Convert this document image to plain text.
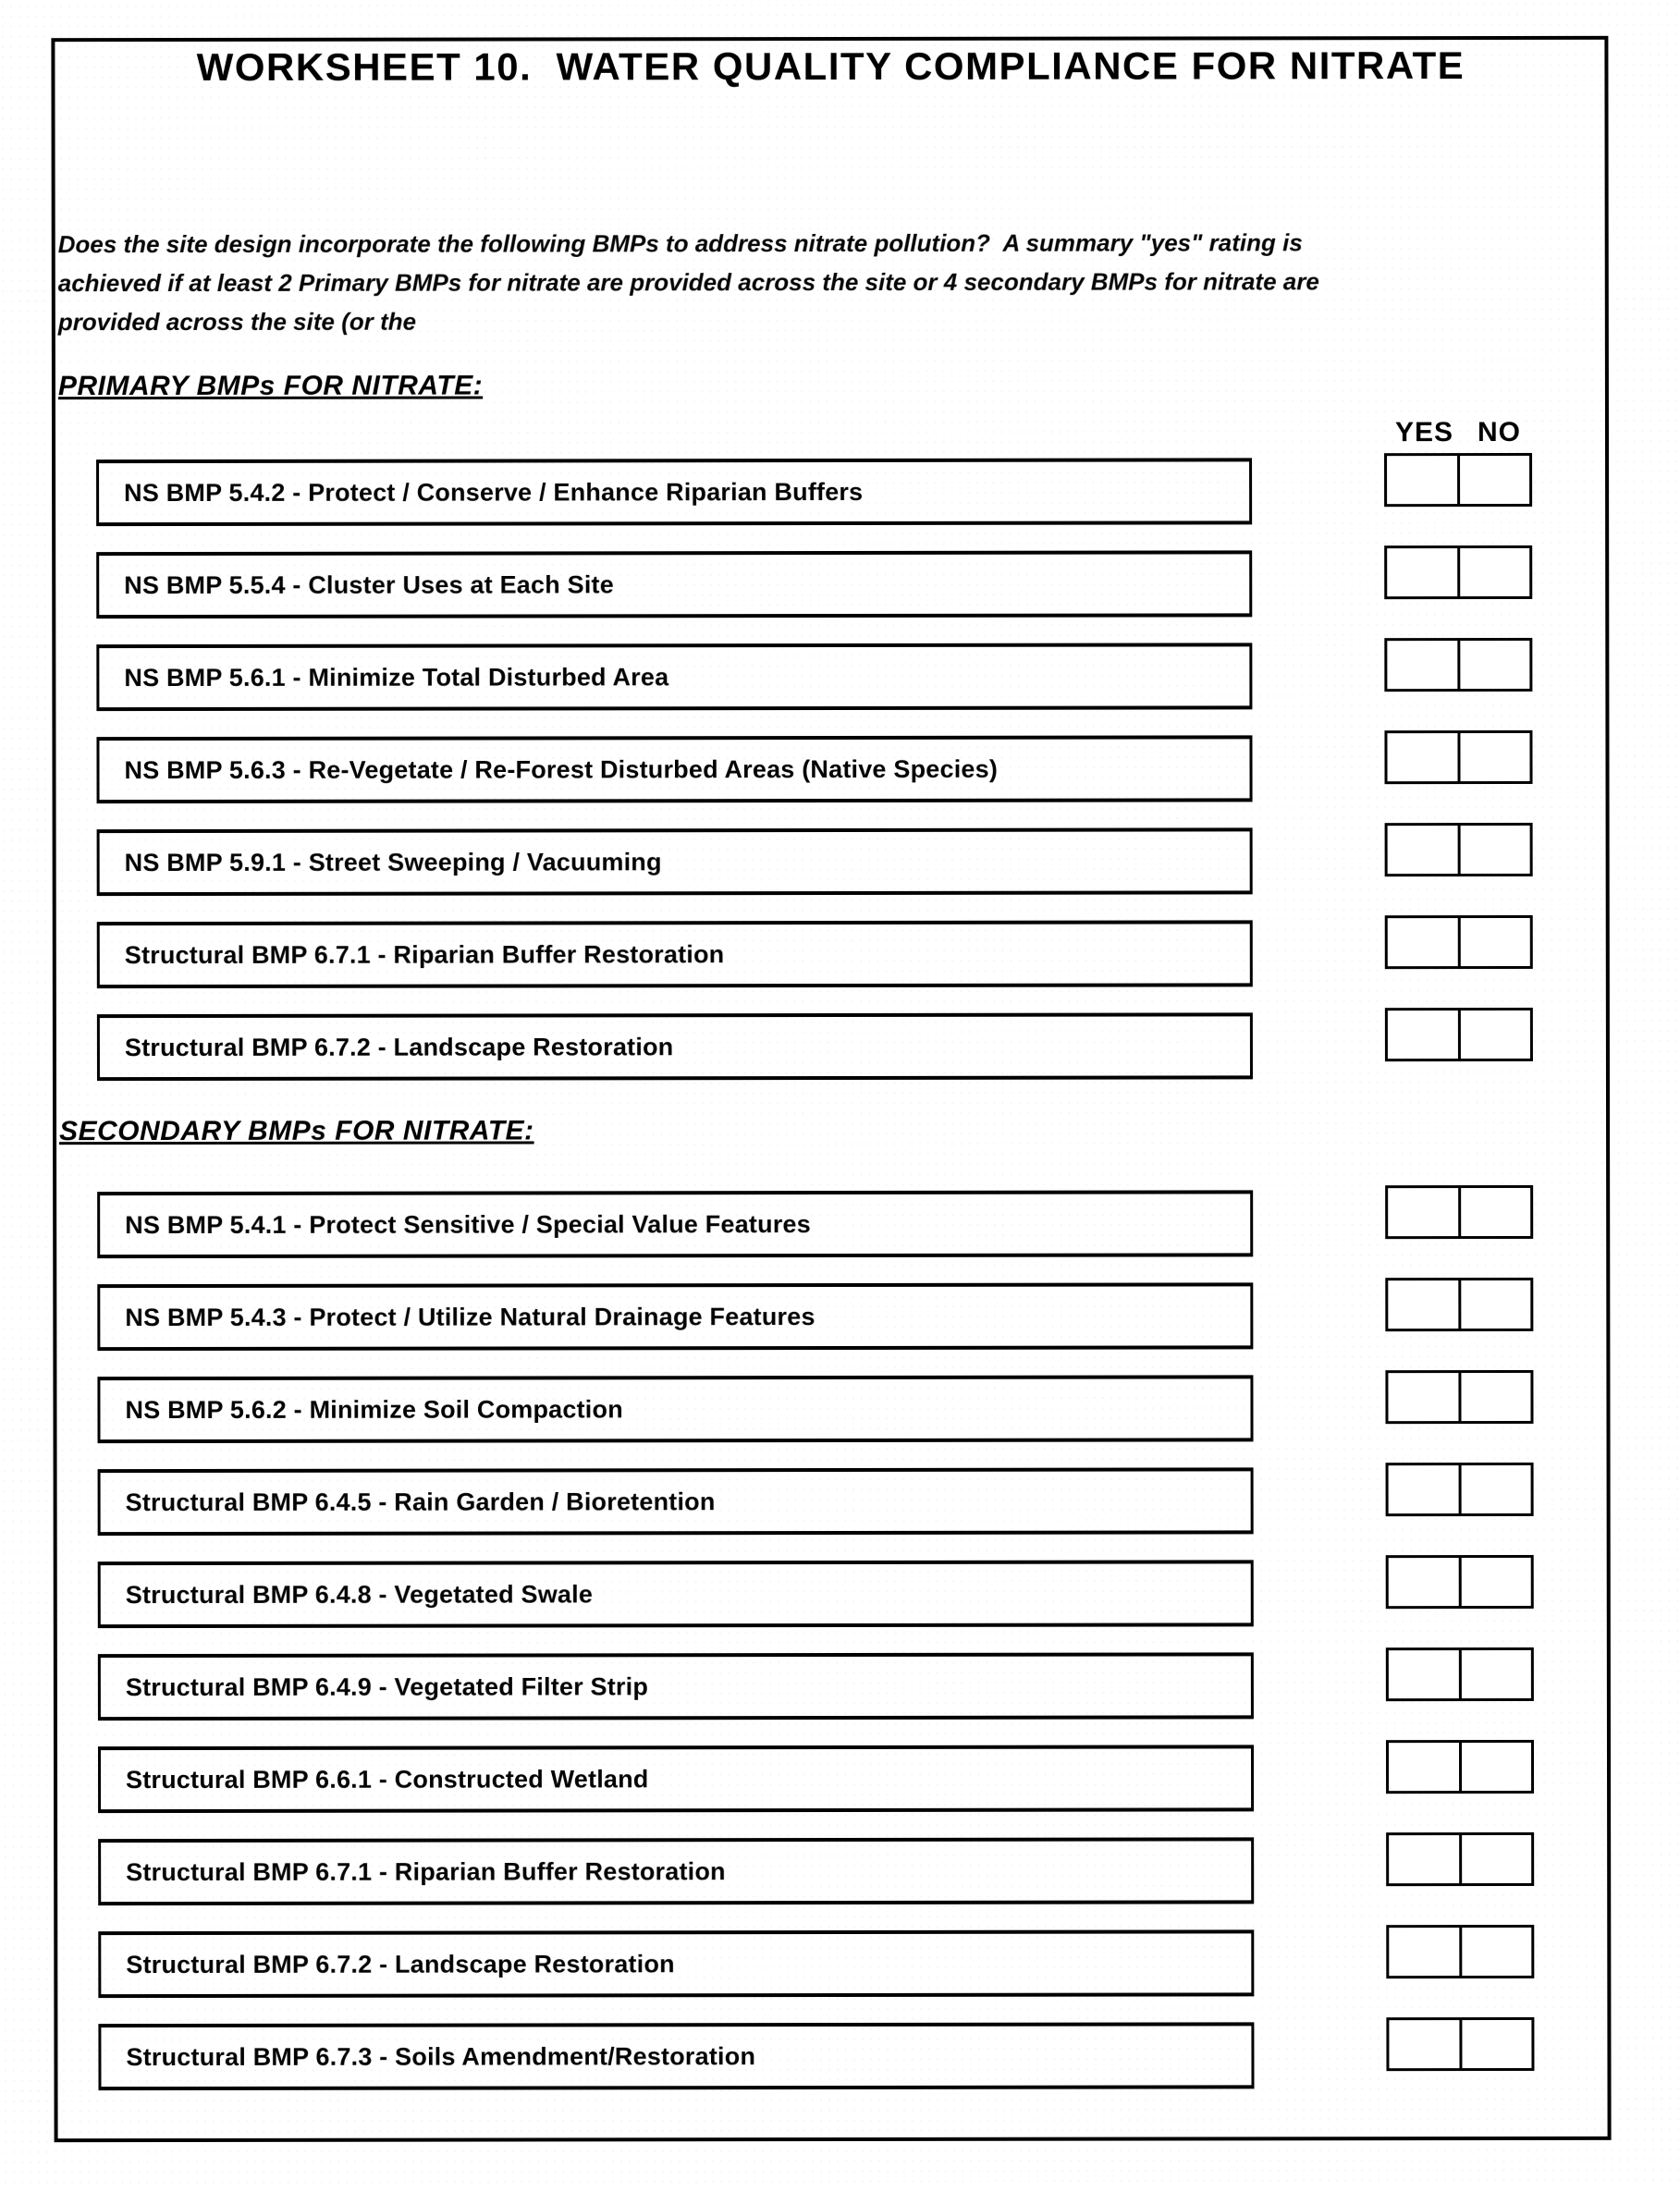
WORKSHEET 10.  WATER QUALITY COMPLIANCE FOR NITRATE
Does the site design incorporate the following BMPs to address nitrate pollution?  A summary "yes" rating is achieved if at least 2 Primary BMPs for nitrate are provided across the site or 4 secondary BMPs for nitrate are provided across the site (or the
PRIMARY BMPs FOR NITRATE:
YES NO
NS BMP 5.4.2 - Protect / Conserve / Enhance Riparian Buffers
NS BMP 5.5.4 - Cluster Uses at Each Site
NS BMP 5.6.1 - Minimize Total Disturbed Area
NS BMP 5.6.3 - Re-Vegetate / Re-Forest Disturbed Areas (Native Species)
NS BMP 5.9.1 - Street Sweeping / Vacuuming
Structural BMP 6.7.1 - Riparian Buffer Restoration
Structural BMP 6.7.2 - Landscape Restoration
SECONDARY BMPs FOR NITRATE:
NS BMP 5.4.1 - Protect Sensitive / Special Value Features
NS BMP 5.4.3 - Protect / Utilize Natural Drainage Features
NS BMP 5.6.2 - Minimize Soil Compaction
Structural BMP 6.4.5 - Rain Garden / Bioretention
Structural BMP 6.4.8 - Vegetated Swale
Structural BMP 6.4.9 - Vegetated Filter Strip
Structural BMP 6.6.1 - Constructed Wetland
Structural BMP 6.7.1 - Riparian Buffer Restoration
Structural BMP 6.7.2 - Landscape Restoration
Structural BMP 6.7.3 - Soils Amendment/Restoration
